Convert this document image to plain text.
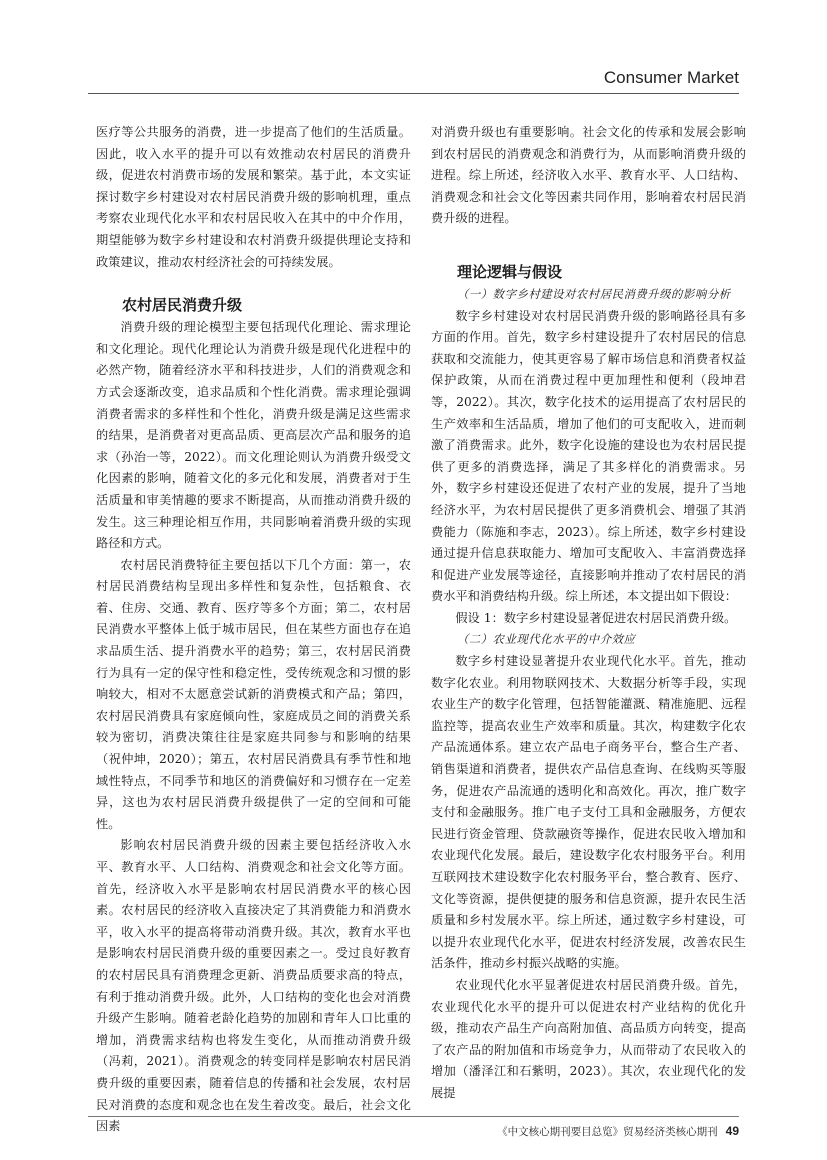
Consumer Market

医疗等公共服务的消费，进一步提高了他们的生活质量。因此，收入水平的提升可以有效推动农村居民的消费升级，促进农村消费市场的发展和繁荣。基于此，本文实证探讨数字乡村建设对农村居民消费升级的影响机理，重点考察农业现代化水平和农村居民收入在其中的中介作用，期望能够为数字乡村建设和农村消费升级提供理论支持和政策建议，推动农村经济社会的可持续发展。

农村居民消费升级

消费升级的理论模型主要包括现代化理论、需求理论和文化理论。现代化理论认为消费升级是现代化进程中的必然产物，随着经济水平和科技进步，人们的消费观念和方式会逐渐改变，追求品质和个性化消费。需求理论强调消费者需求的多样性和个性化，消费升级是满足这些需求的结果，是消费者对更高品质、更高层次产品和服务的追求（孙治一等，2022）。而文化理论则认为消费升级受文化因素的影响，随着文化的多元化和发展，消费者对于生活质量和审美情趣的要求不断提高，从而推动消费升级的发生。这三种理论相互作用，共同影响着消费升级的实现路径和方式。

农村居民消费特征主要包括以下几个方面：第一，农村居民消费结构呈现出多样性和复杂性，包括粮食、衣着、住房、交通、教育、医疗等多个方面；第二，农村居民消费水平整体上低于城市居民，但在某些方面也存在追求品质生活、提升消费水平的趋势；第三，农村居民消费行为具有一定的保守性和稳定性，受传统观念和习惯的影响较大，相对不太愿意尝试新的消费模式和产品；第四，农村居民消费具有家庭倾向性，家庭成员之间的消费关系较为密切，消费决策往往是家庭共同参与和影响的结果（祝仲坤，2020）；第五，农村居民消费具有季节性和地域性特点，不同季节和地区的消费偏好和习惯存在一定差异，这也为农村居民消费升级提供了一定的空间和可能性。

影响农村居民消费升级的因素主要包括经济收入水平、教育水平、人口结构、消费观念和社会文化等方面。首先，经济收入水平是影响农村居民消费水平的核心因素。农村居民的经济收入直接决定了其消费能力和消费水平，收入水平的提高将带动消费升级。其次，教育水平也是影响农村居民消费升级的重要因素之一。受过良好教育的农村居民具有消费理念更新、消费品质要求高的特点，有利于推动消费升级。此外，人口结构的变化也会对消费升级产生影响。随着老龄化趋势的加剧和青年人口比重的增加，消费需求结构也将发生变化，从而推动消费升级（冯莉，2021）。消费观念的转变同样是影响农村居民消费升级的重要因素，随着信息的传播和社会发展，农村居民对消费的态度和观念也在发生着改变。最后，社会文化因素

对消费升级也有重要影响。社会文化的传承和发展会影响到农村居民的消费观念和消费行为，从而影响消费升级的进程。综上所述，经济收入水平、教育水平、人口结构、消费观念和社会文化等因素共同作用，影响着农村居民消费升级的进程。

理论逻辑与假设
（一）数字乡村建设对农村居民消费升级的影响分析

数字乡村建设对农村居民消费升级的影响路径具有多方面的作用。首先，数字乡村建设提升了农村居民的信息获取和交流能力，使其更容易了解市场信息和消费者权益保护政策，从而在消费过程中更加理性和便利（段坤君等，2022）。其次，数字化技术的运用提高了农村居民的生产效率和生活品质，增加了他们的可支配收入，进而刺激了消费需求。此外，数字化设施的建设也为农村居民提供了更多的消费选择，满足了其多样化的消费需求。另外，数字乡村建设还促进了农村产业的发展，提升了当地经济水平，为农村居民提供了更多消费机会、增强了其消费能力（陈施和李志，2023）。综上所述，数字乡村建设通过提升信息获取能力、增加可支配收入、丰富消费选择和促进产业发展等途径，直接影响并推动了农村居民的消费水平和消费结构升级。综上所述，本文提出如下假设：

假设 1：数字乡村建设显著促进农村居民消费升级。

（二）农业现代化水平的中介效应

数字乡村建设显著提升农业现代化水平。首先，推动数字化农业。利用物联网技术、大数据分析等手段，实现农业生产的数字化管理，包括智能灌溉、精准施肥、远程监控等，提高农业生产效率和质量。其次，构建数字化农产品流通体系。建立农产品电子商务平台，整合生产者、销售渠道和消费者，提供农产品信息查询、在线购买等服务，促进农产品流通的透明化和高效化。再次，推广数字支付和金融服务。推广电子支付工具和金融服务，方便农民进行资金管理、贷款融资等操作，促进农民收入增加和农业现代化发展。最后，建设数字化农村服务平台。利用互联网技术建设数字化农村服务平台，整合教育、医疗、文化等资源，提供便捷的服务和信息资源，提升农民生活质量和乡村发展水平。综上所述，通过数字乡村建设，可以提升农业现代化水平，促进农村经济发展，改善农民生活条件，推动乡村振兴战略的实施。

农业现代化水平显著促进农村居民消费升级。首先，农业现代化水平的提升可以促进农村产业结构的优化升级，推动农产品生产向高附加值、高品质方向转变，提高了农产品的附加值和市场竞争力，从而带动了农民收入的增加（潘泽江和石紫明，2023）。其次，农业现代化的发展提

《中文核心期刊要目总览》贸易经济类核心期刊 49
